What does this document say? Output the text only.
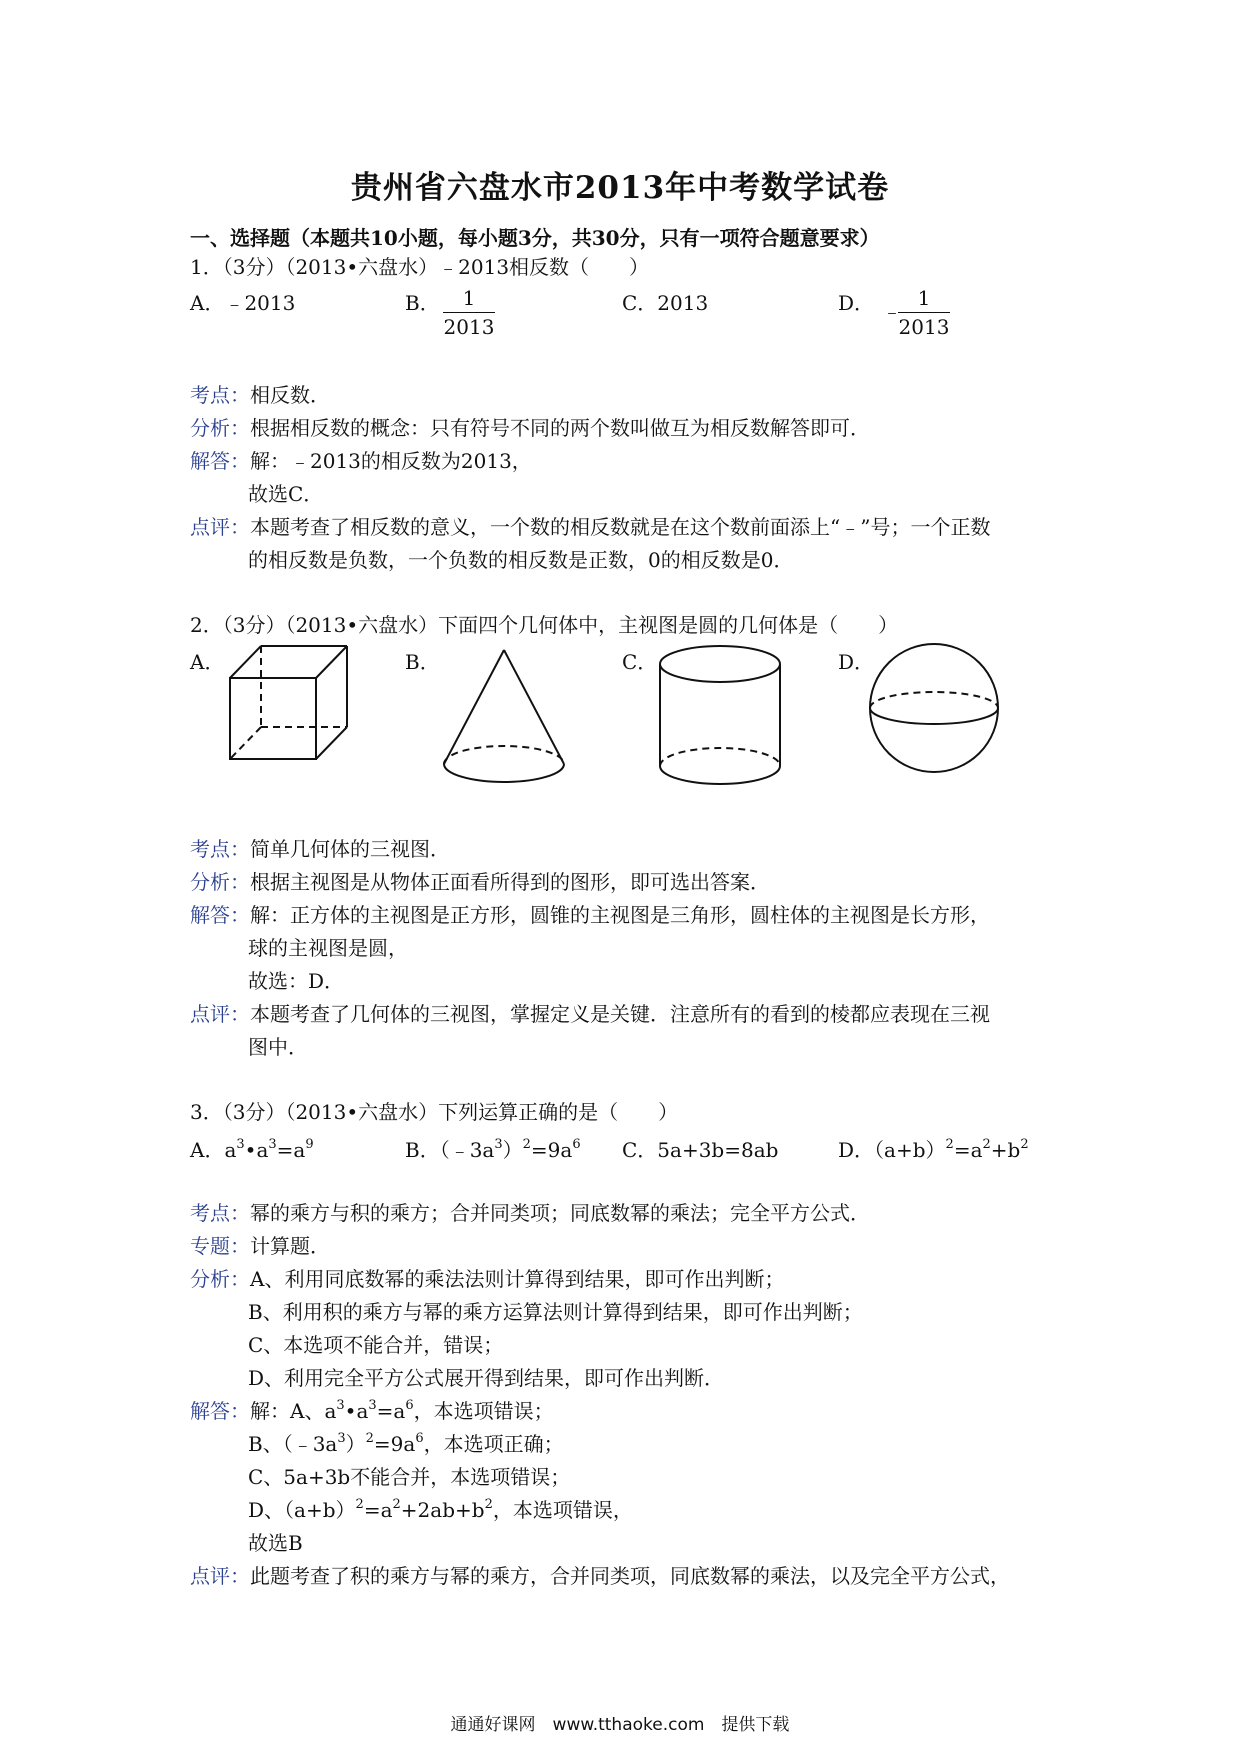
贵州省六盘水市2013年中考数学试卷
一、选择题（本题共10小题，每小题3分，共30分，只有一项符合题意要求）
1．（3分）（2013•六盘水）﹣2013相反数（　　）
A．﹣2013	B． $\frac{1}{2013}$	C．2013	D． ﹣
$\frac{1}{2013}$
考点：相反数．
分析：根据相反数的概念：只有符号不同的两个数叫做互为相反数解答即可．
解答：解：﹣2013的相反数为2013，
故选C．
点评：本题考查了相反数的意义，一个数的相反数就是在这个数前面添上“﹣”号；一个正数
的相反数是负数，一个负数的相反数是正数，0的相反数是0．
2．（3分）（2013•六盘水）下面四个几何体中，主视图是圆的几何体是（　　）
A．	B．	C．	D．
考点：简单几何体的三视图．
分析：根据主视图是从物体正面看所得到的图形，即可选出答案．
解答：解：正方体的主视图是正方形，圆锥的主视图是三角形，圆柱体的主视图是长方形，
球的主视图是圆，
故选：D．
点评：本题考查了几何体的三视图，掌握定义是关键．注意所有的看到的棱都应表现在三视
图中．
3．（3分）（2013•六盘水）下列运算正确的是（　　）
A．$a^3•a^3=a^9$	B．$(﹣3a^3)^2=9a^6$ C．5a+3b=8ab	D．$(a+b)^2=a^2+b^2$
考点：幂的乘方与积的乘方；合并同类项；同底数幂的乘法；完全平方公式．
专题：计算题．
分析：A、利用同底数幂的乘法法则计算得到结果，即可作出判断；
B、利用积的乘方与幂的乘方运算法则计算得到结果，即可作出判断；
C、本选项不能合并，错误；
D、利用完全平方公式展开得到结果，即可作出判断．
解答：解：A、$a^3•a^3=a^6$，本选项错误；
B、$(﹣3a^3)^2=9a^6$，本选项正确；
C、5a+3b不能合并，本选项错误；
D、$(a+b)^2=a^2+2ab+b^2$，本选项错误，
故选B
点评：此题考查了积的乘方与幂的乘方，合并同类项，同底数幂的乘法，以及完全平方公式，
通通好课网　www.tthaoke.com　提供下载
